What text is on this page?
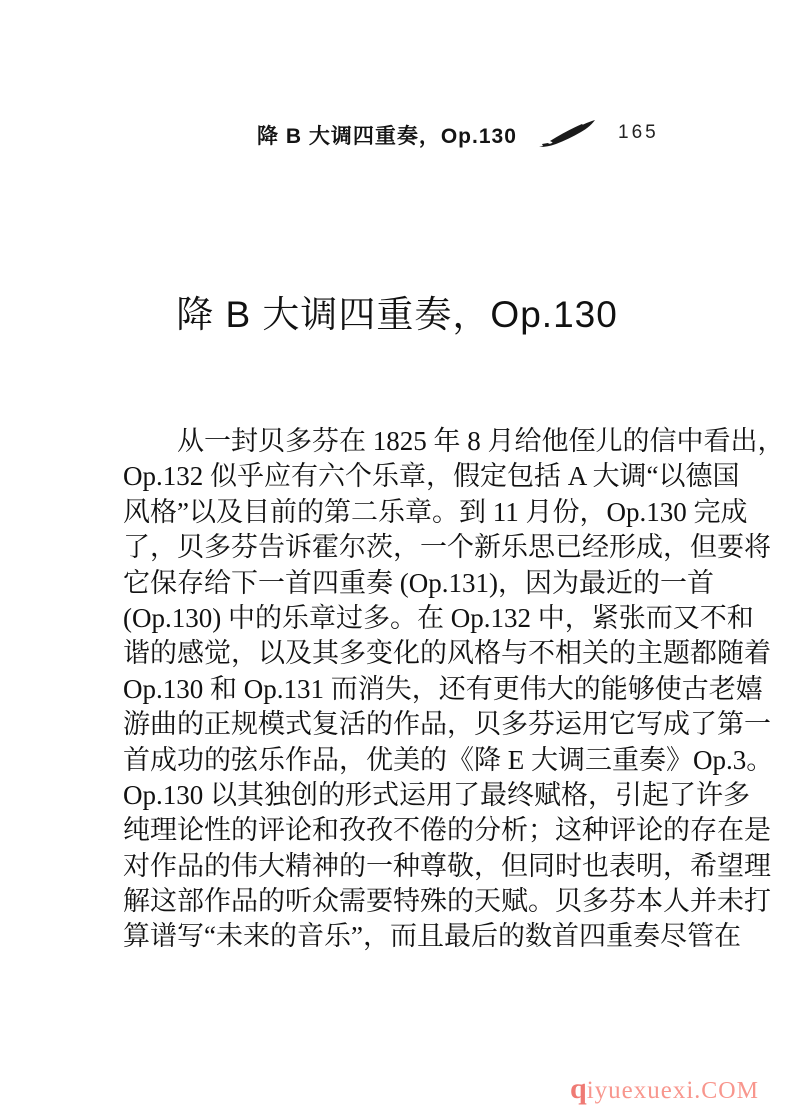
降 B 大调四重奏，Op.130	165
降 B 大调四重奏，Op.130
从一封贝多芬在 1825 年 8 月给他侄儿的信中看出，
Op.132 似乎应有六个乐章，假定包括 A 大调“以德国
风格”以及目前的第二乐章。到 11 月份，Op.130 完成
了，贝多芬告诉霍尔茨，一个新乐思已经形成，但要将
它保存给下一首四重奏 (Op.131)，因为最近的一首
(Op.130) 中的乐章过多。在 Op.132 中，紧张而又不和
谐的感觉，以及其多变化的风格与不相关的主题都随着
Op.130 和 Op.131 而消失，还有更伟大的能够使古老嬉
游曲的正规模式复活的作品，贝多芬运用它写成了第一
首成功的弦乐作品，优美的《降 E 大调三重奏》Op.3。
Op.130 以其独创的形式运用了最终赋格，引起了许多
纯理论性的评论和孜孜不倦的分析；这种评论的存在是
对作品的伟大精神的一种尊敬，但同时也表明，希望理
解这部作品的听众需要特殊的天赋。贝多芬本人并未打
算谱写“未来的音乐”，而且最后的数首四重奏尽管在
qiyuexuexi.COM
